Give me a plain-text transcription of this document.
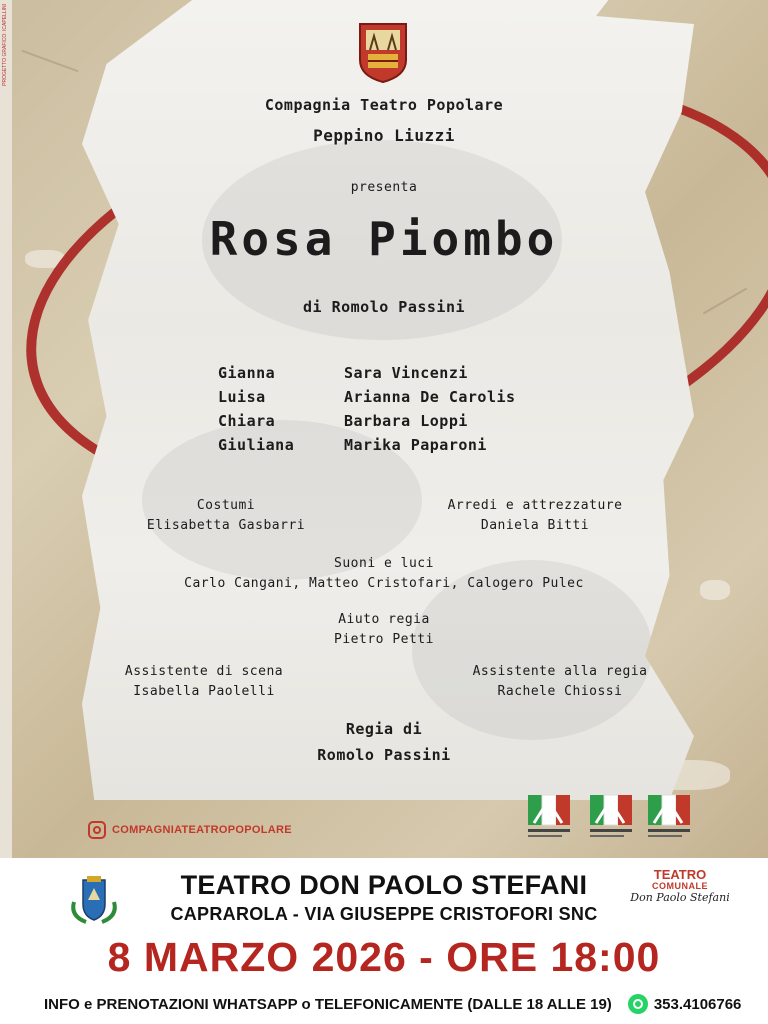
PROGETTO GRAFICO: ICAPELLINI
Compagnia Teatro Popolare
Peppino Liuzzi
presenta
Rosa Piombo
di Romolo Passini
Gianna	Sara Vincenzi
Luisa	Arianna De Carolis
Chiara	Barbara Loppi
Giuliana	Marika Paparoni
Costumi
Elisabetta Gasbarri
Arredi e attrezzature
Daniela Bitti
Suoni e luci
Carlo Cangani, Matteo Cristofari, Calogero Pulec
Aiuto regia
Pietro Petti
Assistente di scena
Isabella Paolelli
Assistente alla regia
Rachele Chiossi
Regia di
Romolo Passini
COMPAGNIATEATROPOPOLARE
TEATRO DON PAOLO STEFANI
CAPRAROLA - VIA GIUSEPPE CRISTOFORI SNC
TEATRO
COMUNALE
Don Paolo Stefani
8 MARZO 2026 - ORE 18:00
INFO e PRENOTAZIONI WHATSAPP o TELEFONICAMENTE (DALLE 18 ALLE 19)	353.4106766
